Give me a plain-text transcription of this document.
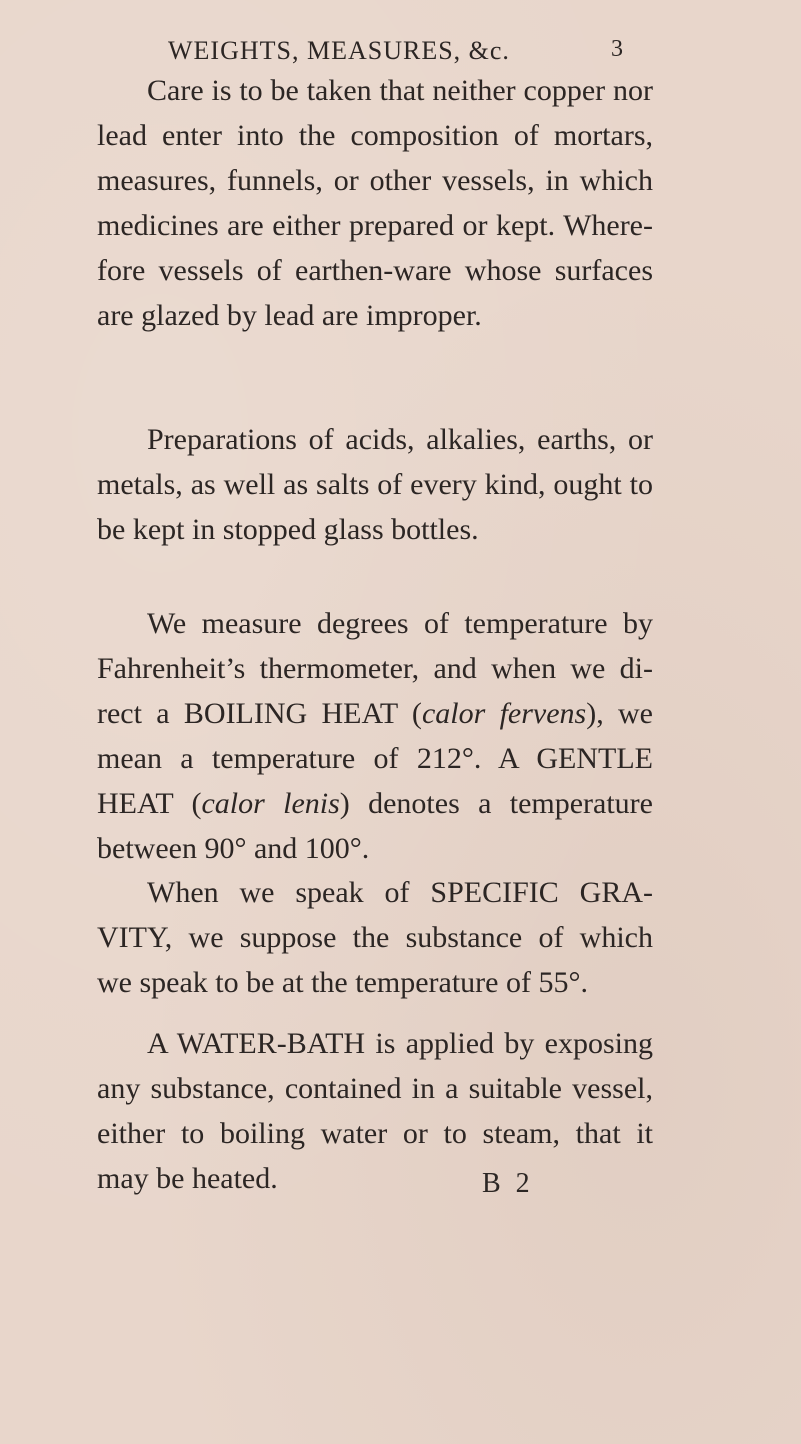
WEIGHTS, MEASURES, &c.	3
Care is to be taken that neither copper nor
lead enter into the composition of mortars,
measures, funnels, or other vessels, in which
medicines are either prepared or kept. Where-
fore vessels of earthen-ware whose surfaces
are glazed by lead are improper.
Preparations of acids, alkalies, earths, or
metals, as well as salts of every kind, ought to
be kept in stopped glass bottles.
We measure degrees of temperature by
Fahrenheit’s thermometer, and when we di-
rect a BOILING HEAT (calor fervens), we
mean a temperature of 212°. A GENTLE
HEAT (calor lenis) denotes a temperature
between 90° and 100°.
When we speak of SPECIFIC GRA-
VITY, we suppose the substance of which
we speak to be at the temperature of 55°.
A WATER-BATH is applied by exposing
any substance, contained in a suitable vessel,
either to boiling water or to steam, that it
may be heated.	B 2
